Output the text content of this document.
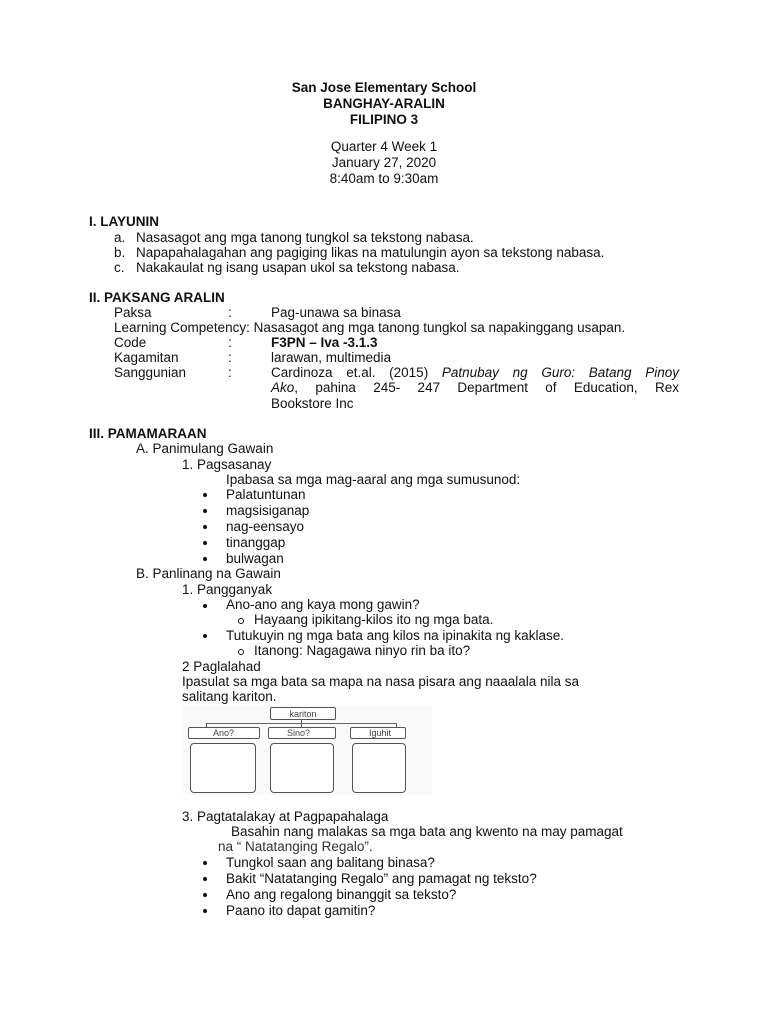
San Jose Elementary School
BANGHAY-ARALIN
FILIPINO 3
Quarter 4 Week 1
January 27, 2020
8:40am to 9:30am
I. LAYUNIN
a. Nasasagot ang mga tanong tungkol sa tekstong nabasa.
b. Napapahalagahan ang pagiging likas na matulungin ayon sa tekstong nabasa.
c. Nakakaulat ng isang usapan ukol sa tekstong nabasa.
II. PAKSANG ARALIN
Paksa	:	Pag-unawa sa binasa
Learning Competency: Nasasagot ang mga tanong tungkol sa napakinggang usapan.
Code	:	F3PN – Iva -3.1.3
Kagamitan	:	larawan, multimedia
Sanggunian	:	Cardinoza et.al. (2015) Patnubay ng Guro: Batang Pinoy
Ako, pahina 245- 247 Department of Education, Rex
Bookstore Inc
III. PAMAMARAAN
A. Panimulang Gawain
1. Pagsasanay
Ipabasa sa mga mag-aaral ang mga sumusunod:
Palatuntunan
magsisiganap
nag-eensayo
tinanggap
bulwagan
B. Panlinang na Gawain
1. Pangganyak
Ano-ano ang kaya mong gawin?
Hayaang ipikitang-kilos ito ng mga bata.
Tutukuyin ng mga bata ang kilos na ipinakita ng kaklase.
Itanong: Nagagawa ninyo rin ba ito?
2 Paglalahad
Ipasulat sa mga bata sa mapa na nasa pisara ang naaalala nila sa
salitang kariton.
kariton
Ano?	Sino?	Iguhit
3. Pagtatalakay at Pagpapahalaga
Basahin nang malakas sa mga bata ang kwento na may pamagat
na “ Natatanging Regalo”.
Tungkol saan ang balitang binasa?
Bakit “Natatanging Regalo” ang pamagat ng teksto?
Ano ang regalong binanggit sa teksto?
Paano ito dapat gamitin?
